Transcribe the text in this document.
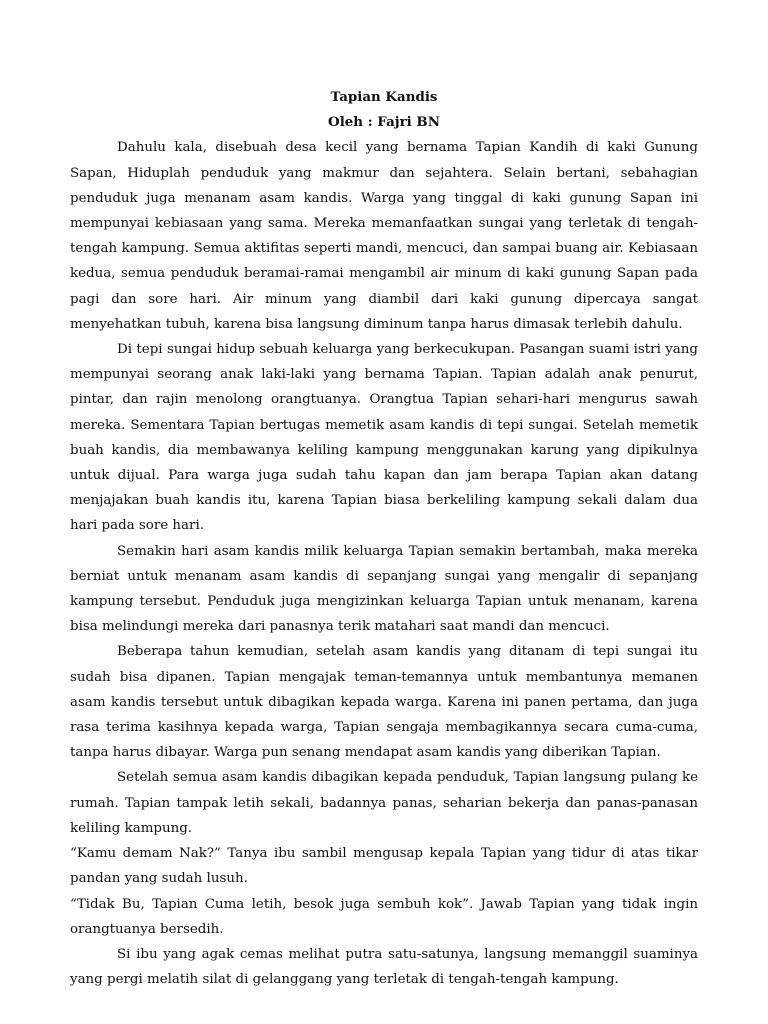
Tapian Kandis

Oleh : Fajri BN

Dahulu kala, disebuah desa kecil yang bernama Tapian Kandih di kaki Gunung Sapan, Hiduplah penduduk yang makmur dan sejahtera. Selain bertani, sebahagian penduduk juga menanam asam kandis. Warga yang tinggal di kaki gunung Sapan ini mempunyai kebiasaan yang sama. Mereka memanfaatkan sungai yang terletak di tengah-tengah kampung. Semua aktifitas seperti mandi, mencuci, dan sampai buang air. Kebiasaan kedua, semua penduduk beramai-ramai mengambil air minum di kaki gunung Sapan pada pagi dan sore hari. Air minum yang diambil dari kaki gunung dipercaya sangat menyehatkan tubuh, karena bisa langsung diminum tanpa harus dimasak terlebih dahulu.

Di tepi sungai hidup sebuah keluarga yang berkecukupan. Pasangan suami istri yang mempunyai seorang anak laki-laki yang bernama Tapian. Tapian adalah anak penurut, pintar, dan rajin menolong orangtuanya. Orangtua Tapian sehari-hari mengurus sawah mereka. Sementara Tapian bertugas memetik asam kandis di tepi sungai. Setelah memetik buah kandis, dia membawanya keliling kampung menggunakan karung yang dipikulnya untuk dijual. Para warga juga sudah tahu kapan dan jam berapa Tapian akan datang menjajakan buah kandis itu, karena Tapian biasa berkeliling kampung sekali dalam dua hari pada sore hari.

Semakin hari asam kandis milik keluarga Tapian semakin bertambah, maka mereka berniat untuk menanam asam kandis di sepanjang sungai yang mengalir di sepanjang kampung tersebut. Penduduk juga mengizinkan keluarga Tapian untuk menanam, karena bisa melindungi mereka dari panasnya terik matahari saat mandi dan mencuci.

Beberapa tahun kemudian, setelah asam kandis yang ditanam di tepi sungai itu sudah bisa dipanen. Tapian mengajak teman-temannya untuk membantunya memanen asam kandis tersebut untuk dibagikan kepada warga. Karena ini panen pertama, dan juga rasa terima kasihnya kepada warga, Tapian sengaja membagikannya secara cuma-cuma, tanpa harus dibayar. Warga pun senang mendapat asam kandis yang diberikan Tapian.

Setelah semua asam kandis dibagikan kepada penduduk, Tapian langsung pulang ke rumah. Tapian tampak letih sekali, badannya panas, seharian bekerja dan panas-panasan keliling kampung.

“Kamu demam Nak?” Tanya ibu sambil mengusap kepala Tapian yang tidur di atas tikar pandan yang sudah lusuh.

“Tidak Bu, Tapian Cuma letih, besok juga sembuh kok”. Jawab Tapian yang tidak ingin orangtuanya bersedih.

Si ibu yang agak cemas melihat putra satu-satunya, langsung memanggil suaminya yang pergi melatih silat di gelanggang yang terletak di tengah-tengah kampung.
